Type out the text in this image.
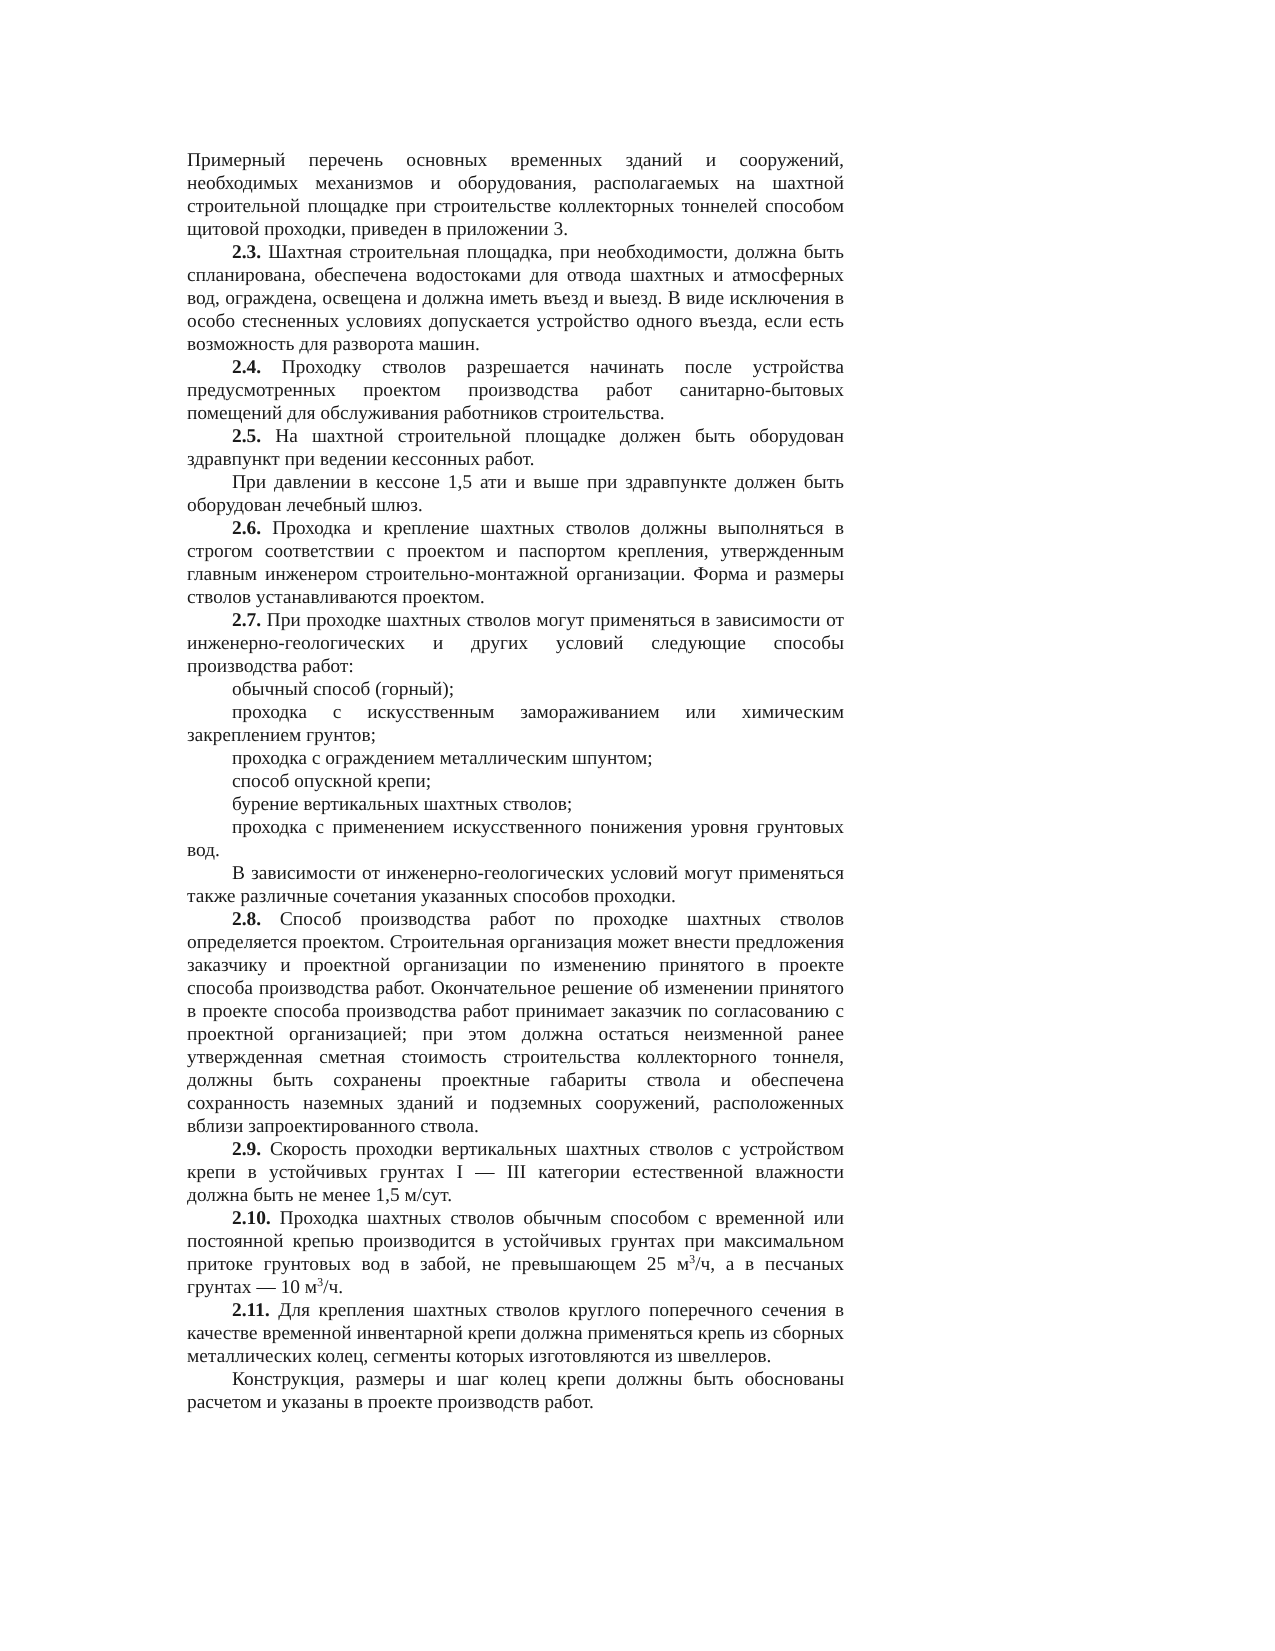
Примерный перечень основных временных зданий и сооружений, необходимых механизмов и оборудования, располагаемых на шахтной строительной площадке при строительстве коллекторных тоннелей способом щитовой проходки, приведен в приложении 3.

2.3. Шахтная строительная площадка, при необходимости, должна быть спланирована, обеспечена водостоками для отвода шахтных и атмосферных вод, ограждена, освещена и должна иметь въезд и выезд. В виде исключения в особо стесненных условиях допускается устройство одного въезда, если есть возможность для разворота машин.

2.4. Проходку стволов разрешается начинать после устройства предусмотренных проектом производства работ санитарно-бытовых помещений для обслуживания работников строительства.

2.5. На шахтной строительной площадке должен быть оборудован здравпункт при ведении кессонных работ.

При давлении в кессоне 1,5 ати и выше при здравпункте должен быть оборудован лечебный шлюз.

2.6. Проходка и крепление шахтных стволов должны выполняться в строгом соответствии с проектом и паспортом крепления, утвержденным главным инженером строительно-монтажной организации. Форма и размеры стволов устанавливаются проектом.

2.7. При проходке шахтных стволов могут применяться в зависимости от инженерно-геологических и других условий следующие способы производства работ:

обычный способ (горный);

проходка с искусственным замораживанием или химическим закреплением грунтов;

проходка с ограждением металлическим шпунтом;

способ опускной крепи;

бурение вертикальных шахтных стволов;

проходка с применением искусственного понижения уровня грунтовых вод.

В зависимости от инженерно-геологических условий могут применяться также различные сочетания указанных способов проходки.

2.8. Способ производства работ по проходке шахтных стволов определяется проектом. Строительная организация может внести предложения заказчику и проектной организации по изменению принятого в проекте способа производства работ. Окончательное решение об изменении принятого в проекте способа производства работ принимает заказчик по согласованию с проектной организацией; при этом должна остаться неизменной ранее утвержденная сметная стоимость строительства коллекторного тоннеля, должны быть сохранены проектные габариты ствола и обеспечена сохранность наземных зданий и подземных сооружений, расположенных вблизи запроектированного ствола.

2.9. Скорость проходки вертикальных шахтных стволов с устройством крепи в устойчивых грунтах I — III категории естественной влажности должна быть не менее 1,5 м/сут.

2.10. Проходка шахтных стволов обычным способом с временной или постоянной крепью производится в устойчивых грунтах при максимальном притоке грунтовых вод в забой, не превышающем 25 $м^3/ч$, а в песчаных грунтах — 10 $м^3/ч$.

2.11. Для крепления шахтных стволов круглого поперечного сечения в качестве временной инвентарной крепи должна применяться крепь из сборных металлических колец, сегменты которых изготовляются из швеллеров.

Конструкция, размеры и шаг колец крепи должны быть обоснованы расчетом и указаны в проекте производств работ.
